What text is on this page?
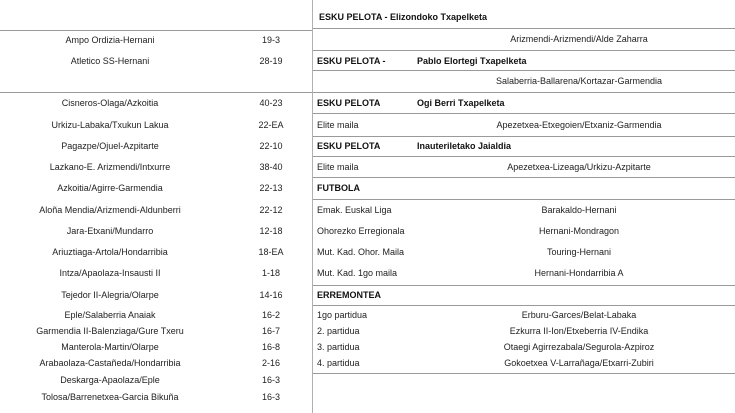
Ampo Ordizia-Hernani	19-3
Atletico SS-Hernani	28-19
Cisneros-Olaga/Azkoitia	40-23
Urkizu-Labaka/Txukun Lakua	22-EA
Pagazpe/Ojuel-Azpitarte	22-10
Lazkano-E. Arizmendi/Intxurre	38-40
Azkoitia/Agirre-Garmendia	22-13
Aloña Mendia/Arizmendi-Aldunberri	22-12
Jara-Etxani/Mundarro	12-18
Ariuztiaga-Artola/Hondarribia	18-EA
Intza/Apaolaza-Insausti II	1-18
Tejedor II-Alegria/Olarpe	14-16
Eple/Salaberria Anaiak	16-2
Garmendia II-Balenziaga/Gure Txeru	16-7
Manterola-Martin/Olarpe	16-8
Arabaolaza-Castañeda/Hondarribia	2-16
Deskarga-Apaolaza/Eple	16-3
Tolosa/Barrenetxea-Garcia Bikuña	16-3
ESKU PELOTA - Elizondoko Txapelketa
Arizmendi-Arizmendi/Alde Zaharra
ESKU PELOTA -	Pablo Elortegi Txapelketa
Salaberria-Ballarena/Kortazar-Garmendia
ESKU PELOTA	Ogi Berri Txapelketa
Elite maila	Apezetxea-Etxegoien/Etxaniz-Garmendia
ESKU PELOTA	Inauteriletako Jaialdia
Elite maila	Apezetxea-Lizeaga/Urkizu-Azpitarte
FUTBOLA
Emak. Euskal Liga	Barakaldo-Hernani
Ohorezko Erregionala	Hernani-Mondragon
Mut. Kad. Ohor. Maila	Touring-Hernani
Mut. Kad. 1go maila	Hernani-Hondarribia A
ERREMONTEA
1go partidua	Erburu-Garces/Belat-Labaka
2. partidua	Ezkurra II-Ion/Etxeberria IV-Endika
3. partidua	Otaegi Agirrezabala/Segurola-Azpiroz
4. partidua	Gokoetxea V-Larrañaga/Etxarri-Zubiri
